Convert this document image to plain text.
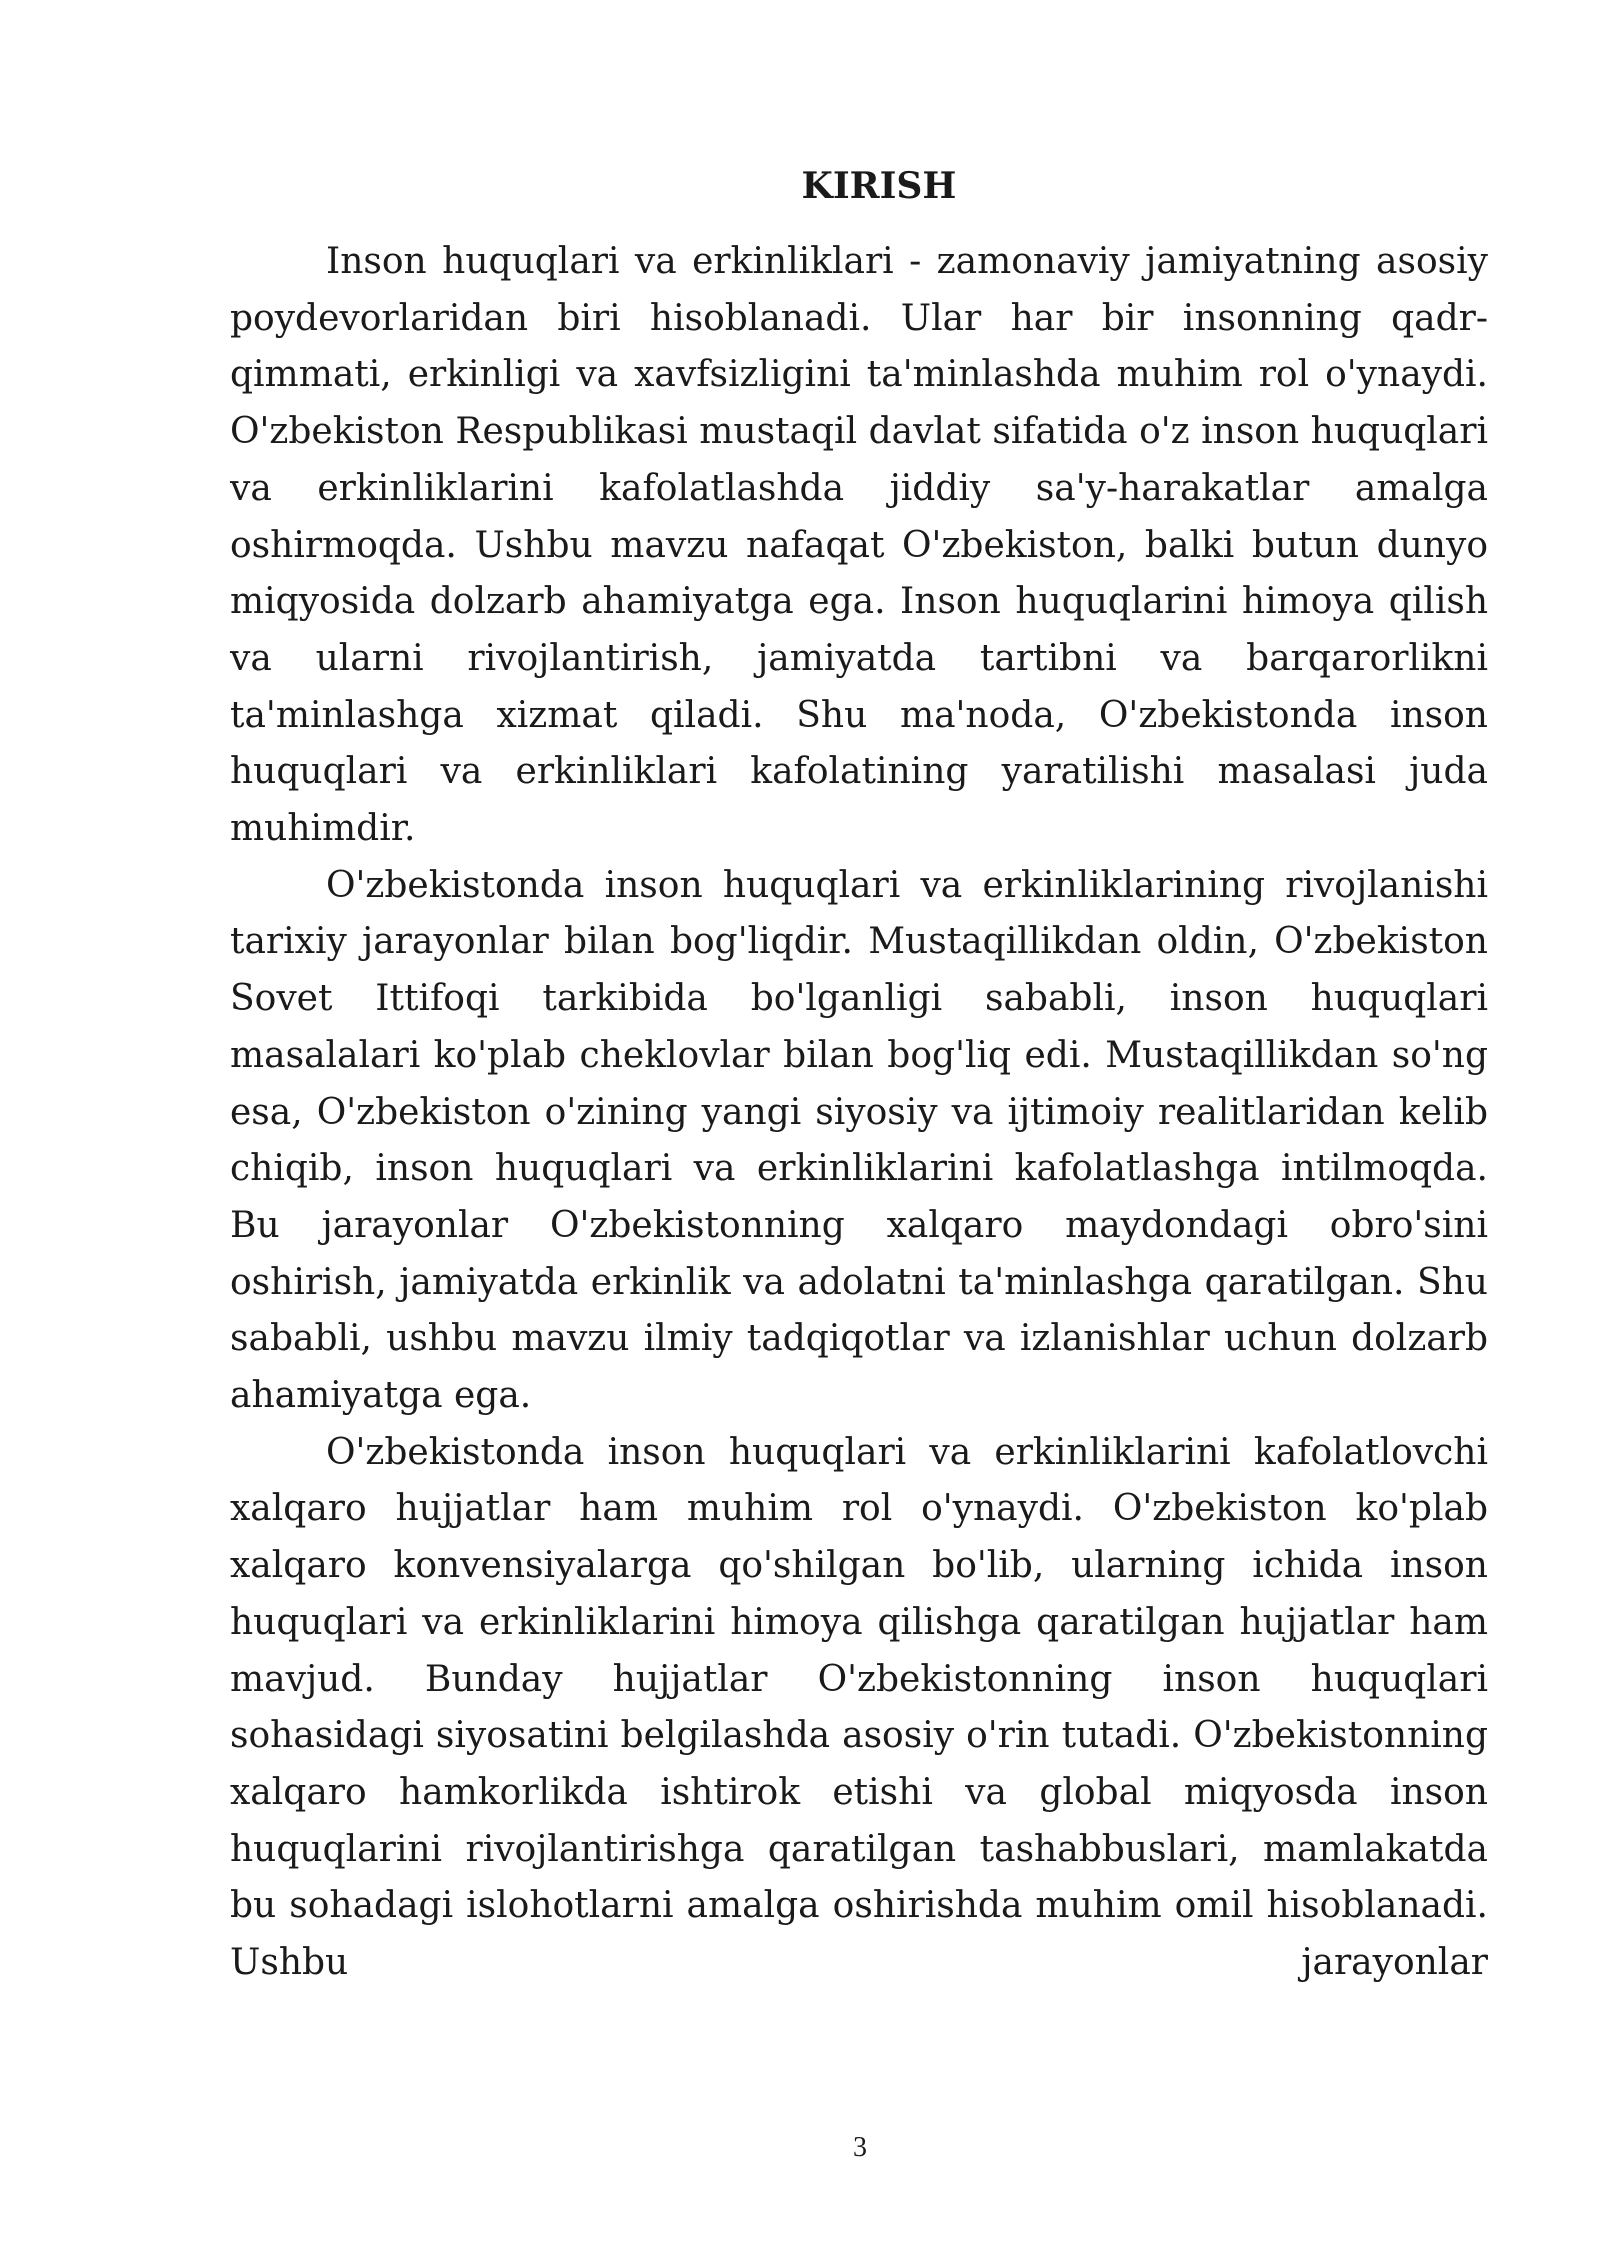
KIRISH

Inson huquqlari va erkinliklari - zamonaviy jamiyatning asosiy poydevorlaridan biri hisoblanadi. Ular har bir insonning qadr-qimmati, erkinligi va xavfsizligini ta'minlashda muhim rol o'ynaydi. O'zbekiston Respublikasi mustaqil davlat sifatida o'z inson huquqlari va erkinliklarini kafolatlashda jiddiy sa'y-harakatlar amalga oshirmoqda. Ushbu mavzu nafaqat O'zbekiston, balki butun dunyo miqyosida dolzarb ahamiyatga ega. Inson huquqlarini himoya qilish va ularni rivojlantirish, jamiyatda tartibni va barqarorlikni ta'minlashga xizmat qiladi. Shu ma'noda, O'zbekistonda inson huquqlari va erkinliklari kafolatining yaratilishi masalasi juda muhimdir.

O'zbekistonda inson huquqlari va erkinliklarining rivojlanishi tarixiy jarayonlar bilan bog'liqdir. Mustaqillikdan oldin, O'zbekiston Sovet Ittifoqi tarkibida bo'lganligi sababli, inson huquqlari masalalari ko'plab cheklovlar bilan bog'liq edi. Mustaqillikdan so'ng esa, O'zbekiston o'zining yangi siyosiy va ijtimoiy realitlaridan kelib chiqib, inson huquqlari va erkinliklarini kafolatlashga intilmoqda. Bu jarayonlar O'zbekistonning xalqaro maydondagi obro'sini oshirish, jamiyatda erkinlik va adolatni ta'minlashga qaratilgan. Shu sababli, ushbu mavzu ilmiy tadqiqotlar va izlanishlar uchun dolzarb ahamiyatga ega.

O'zbekistonda inson huquqlari va erkinliklarini kafolatlovchi xalqaro hujjatlar ham muhim rol o'ynaydi. O'zbekiston ko'plab xalqaro konvensiyalarga qo'shilgan bo'lib, ularning ichida inson huquqlari va erkinliklarini himoya qilishga qaratilgan hujjatlar ham mavjud. Bunday hujjatlar O'zbekistonning inson huquqlari sohasidagi siyosatini belgilashda asosiy o'rin tutadi. O'zbekistonning xalqaro hamkorlikda ishtirok etishi va global miqyosda inson huquqlarini rivojlantirishga qaratilgan tashabbuslari, mamlakatda bu sohadagi islohotlarni amalga oshirishda muhim omil hisoblanadi. Ushbu jarayonlar

3
